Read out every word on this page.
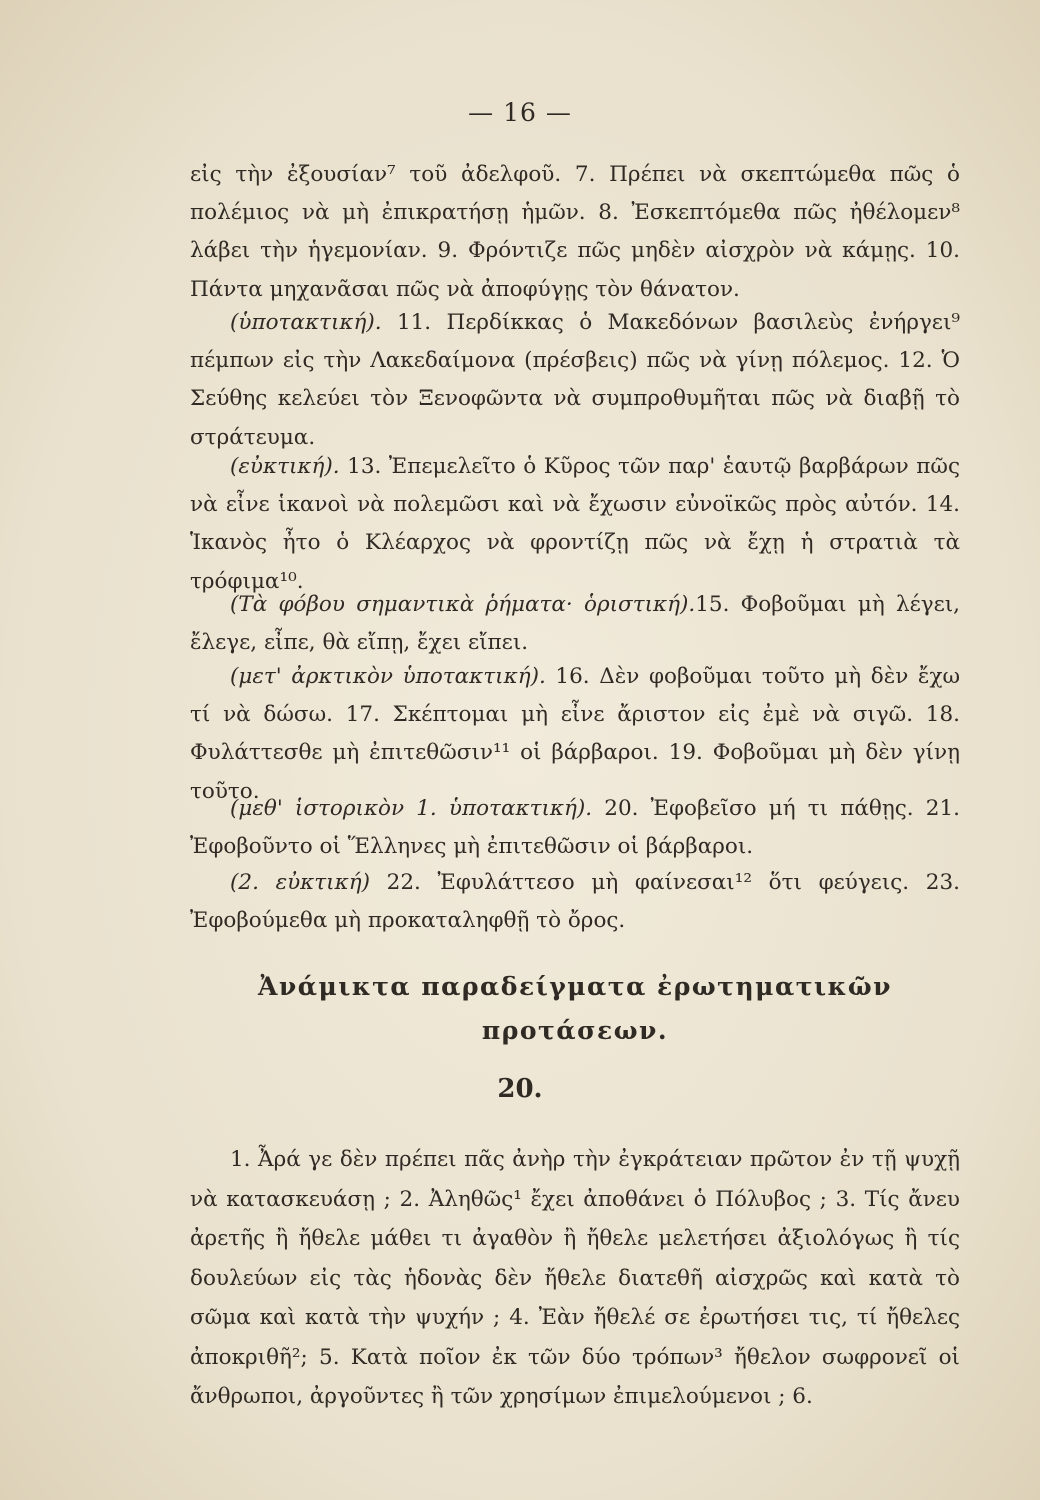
— 16 —

εἰς τὴν ἐξουσίαν⁷ τοῦ ἀδελφοῦ. 7. Πρέπει νὰ σκεπτώμεθα πῶς ὁ πολέμιος νὰ μὴ ἐπικρατήσῃ ἡμῶν. 8. Ἐσκεπτόμεθα πῶς ἠθέλομεν⁸ λάβει τὴν ἡγεμονίαν. 9. Φρόντιζε πῶς μηδὲν αἰσχρὸν νὰ κάμῃς. 10. Πάντα μηχανᾶσαι πῶς νὰ ἀποφύγῃς τὸν θάνατον.

(ὑποτακτική). 11. Περδίκκας ὁ Μακεδόνων βασιλεὺς ἐνήργει⁹ πέμπων εἰς τὴν Λακεδαίμονα (πρέσβεις) πῶς νὰ γίνῃ πόλεμος. 12. Ὁ Σεύθης κελεύει τὸν Ξενοφῶντα νὰ συμπροθυμῆται πῶς νὰ διαβῇ τὸ στράτευμα.

(εὐκτική). 13. Ἐπεμελεῖτο ὁ Κῦρος τῶν παρ' ἑαυτῷ βαρβάρων πῶς νὰ εἶνε ἱκανοὶ νὰ πολεμῶσι καὶ νὰ ἔχωσιν εὐνοϊκῶς πρὸς αὐτόν. 14. Ἱκανὸς ἦτο ὁ Κλέαρχος νὰ φροντίζῃ πῶς νὰ ἔχῃ ἡ στρατιὰ τὰ τρόφιμα¹⁰.

(Τὰ φόβου σημαντικὰ ῥήματα· ὁριστική).15. Φοβοῦμαι μὴ λέγει, ἔλεγε, εἶπε, θὰ εἴπῃ, ἔχει εἴπει.

(μετ' ἀρκτικὸν ὑποτακτική). 16. Δὲν φοβοῦμαι τοῦτο μὴ δὲν ἔχω τί νὰ δώσω. 17. Σκέπτομαι μὴ εἶνε ἄριστον εἰς ἐμὲ νὰ σιγῶ. 18. Φυλάττεσθε μὴ ἐπιτεθῶσιν¹¹ οἱ βάρβαροι. 19. Φοβοῦμαι μὴ δὲν γίνῃ τοῦτο.

(μεθ' ἱστορικὸν 1. ὑποτακτική). 20. Ἐφοβεῖσο μή τι πάθῃς. 21. Ἐφοβοῦντο οἱ Ἕλληνες μὴ ἐπιτεθῶσιν οἱ βάρβαροι.

(2. εὐκτική) 22. Ἐφυλάττεσο μὴ φαίνεσαι¹² ὅτι φεύγεις. 23. Ἐφοβούμεθα μὴ προκαταληφθῇ τὸ ὄρος.

Ἀνάμικτα παραδείγματα ἐρωτηματικῶν προτάσεων.
20.

1. Ἆρά γε δὲν πρέπει πᾶς ἀνὴρ τὴν ἐγκράτειαν πρῶτον ἐν τῇ ψυχῇ νὰ κατασκευάσῃ ; 2. Ἀληθῶς¹ ἔχει ἀποθάνει ὁ Πόλυβος ; 3. Τίς ἄνευ ἀρετῆς ἢ ἤθελε μάθει τι ἀγαθὸν ἢ ἤθελε μελετήσει ἀξιολόγως ἢ τίς δουλεύων εἰς τὰς ἡδονὰς δὲν ἤθελε διατεθῆ αἰσχρῶς καὶ κατὰ τὸ σῶμα καὶ κατὰ τὴν ψυχήν ; 4. Ἐὰν ἤθελέ σε ἐρωτήσει τις, τί ἤθελες ἀποκριθῆ²; 5. Κατὰ ποῖον ἐκ τῶν δύο τρόπων³ ἤθελον σωφρονεῖ οἱ ἄνθρωποι, ἀργοῦντες ἢ τῶν χρησίμων ἐπιμελούμενοι ; 6.
